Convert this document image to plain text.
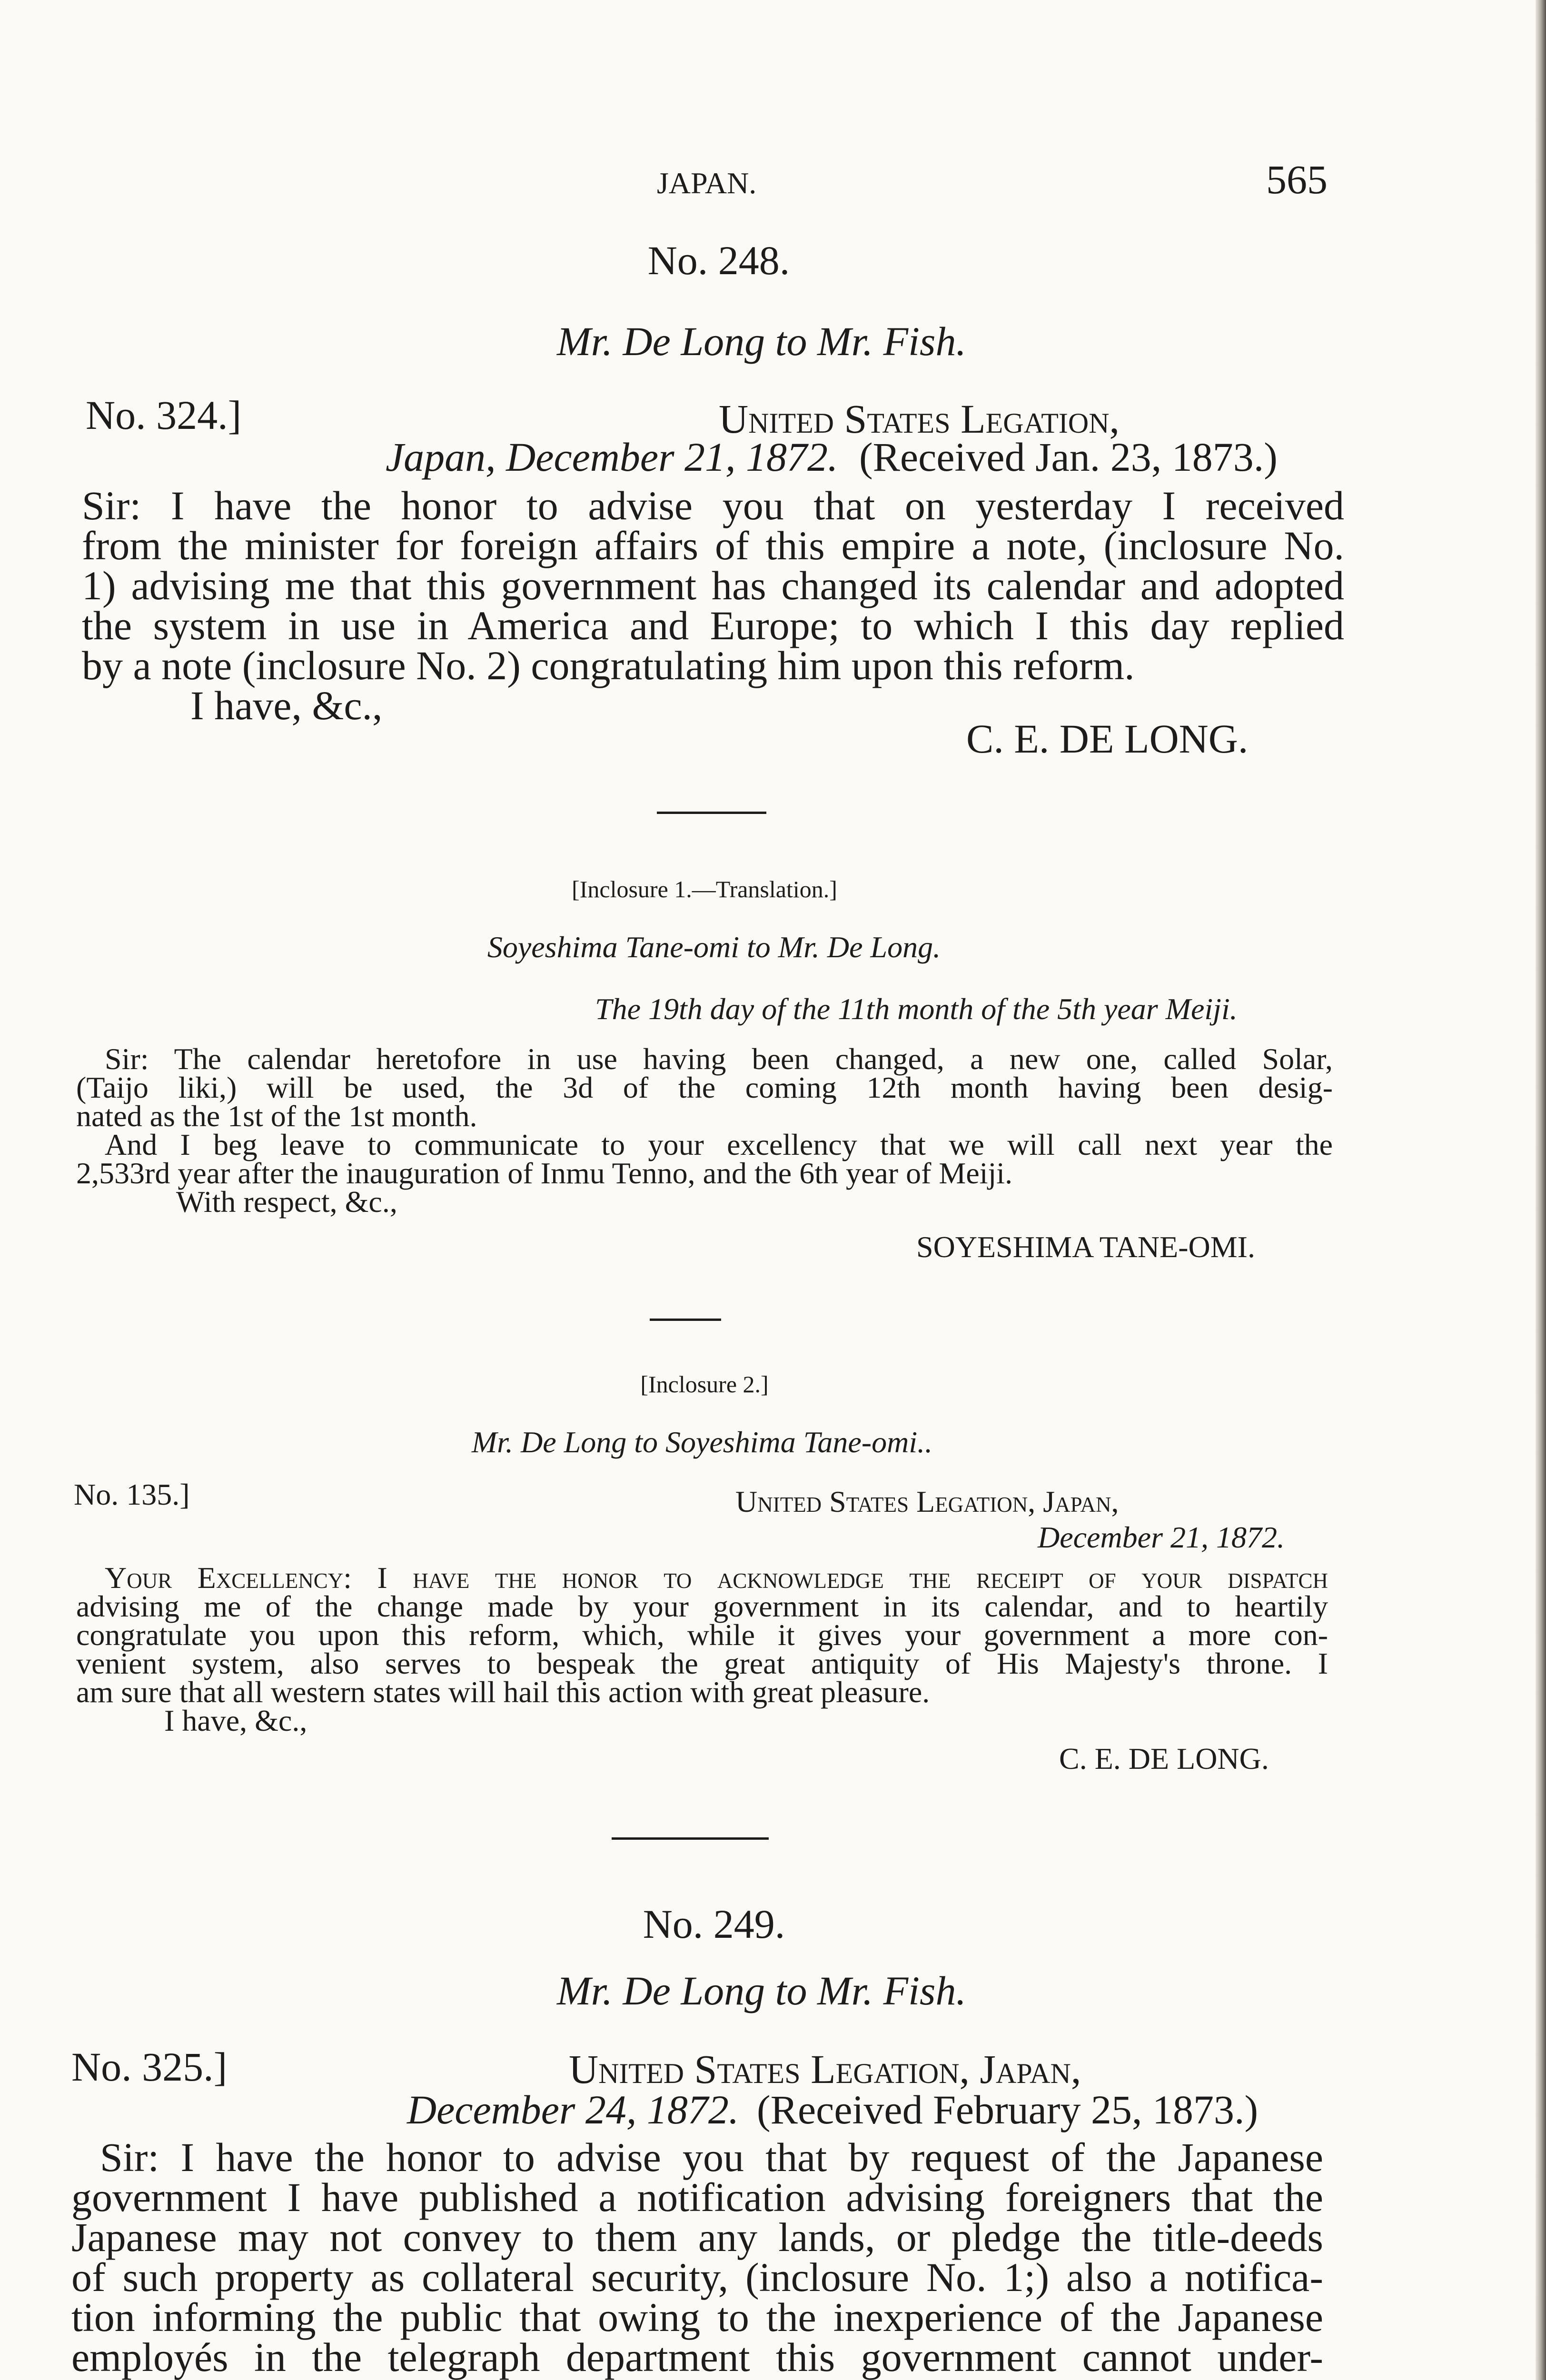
JAPAN.	565
No. 248.
Mr. De Long to Mr. Fish.
No. 324.]	United States Legation,
Japan, December 21, 1872. (Received Jan. 23, 1873.)
Sir: I have the honor to advise you that on yesterday I received
from the minister for foreign affairs of this empire a note, (inclosure No.
1) advising me that this government has changed its calendar and adopted
the system in use in America and Europe; to which I this day replied
by a note (inclosure No. 2) congratulating him upon this reform.
I have, &c.,
C. E. DE LONG.
[Inclosure 1.—Translation.]
Soyeshima Tane-omi to Mr. De Long.
The 19th day of the 11th month of the 5th year Meiji.
Sir: The calendar heretofore in use having been changed, a new one, called Solar,
(Taijo liki,) will be used, the 3d of the coming 12th month having been desig-
nated as the 1st of the 1st month.
And I beg leave to communicate to your excellency that we will call next year the
2,533rd year after the inauguration of Inmu Tenno, and the 6th year of Meiji.
With respect, &c.,
SOYESHIMA TANE-OMI.
[Inclosure 2.]
Mr. De Long to Soyeshima Tane-omi..
No. 135.]	United States Legation, Japan,
December 21, 1872.
Your Excellency: I have the honor to acknowledge the receipt of your dispatch
advising me of the change made by your government in its calendar, and to heartily
congratulate you upon this reform, which, while it gives your government a more con-
venient system, also serves to bespeak the great antiquity of His Majesty's throne. I
am sure that all western states will hail this action with great pleasure.
I have, &c.,
C. E. DE LONG.
No. 249.
Mr. De Long to Mr. Fish.
No. 325.]	United States Legation, Japan,
December 24, 1872. (Received February 25, 1873.)
Sir: I have the honor to advise you that by request of the Japanese
government I have published a notification advising foreigners that the
Japanese may not convey to them any lands, or pledge the title-deeds
of such property as collateral security, (inclosure No. 1;) also a notifica-
tion informing the public that owing to the inexperience of the Japanese
employés in the telegraph department this government cannot under-
